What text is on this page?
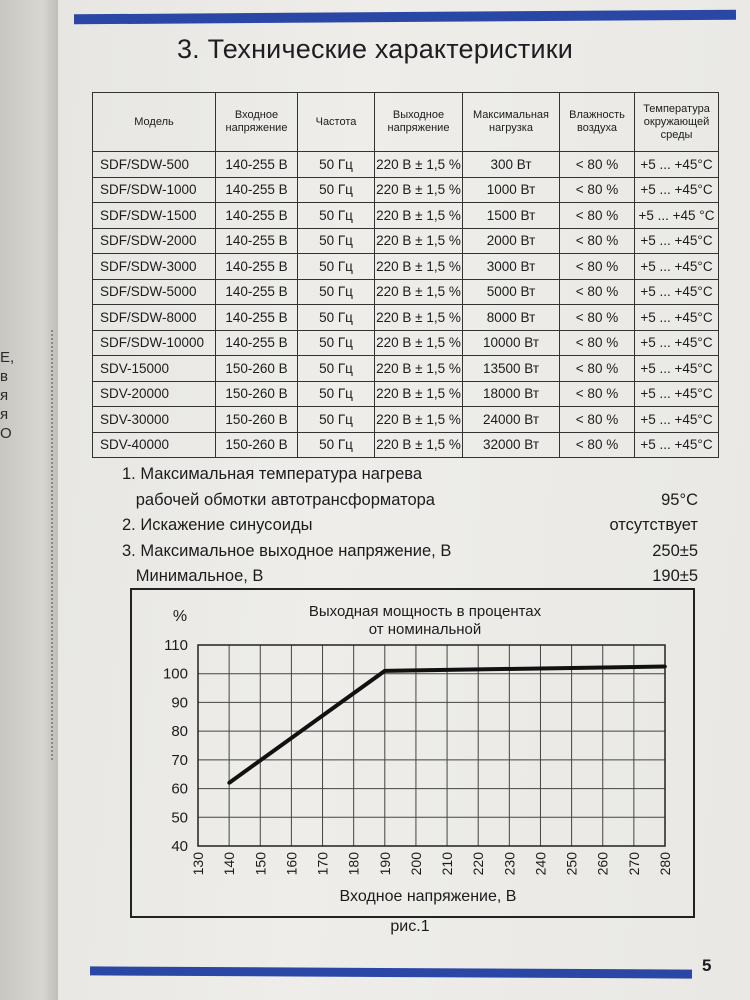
Е,
в
я
я
О
3. Технические характеристики
Модель	Входное напряжение	Частота	Выходное напряжение	Максимальная нагрузка	Влажность воздуха	Температура окружающей среды
SDF/SDW-500	140-255 В	50 Гц	220 В ± 1,5 %	300 Вт	< 80 %	+5 ... +45°С
SDF/SDW-1000	140-255 В	50 Гц	220 В ± 1,5 %	1000 Вт	< 80 %	+5 ... +45°С
SDF/SDW-1500	140-255 В	50 Гц	220 В ± 1,5 %	1500 Вт	< 80 %	+5 ... +45 °С
SDF/SDW-2000	140-255 В	50 Гц	220 В ± 1,5 %	2000 Вт	< 80 %	+5 ... +45°С
SDF/SDW-3000	140-255 В	50 Гц	220 В ± 1,5 %	3000 Вт	< 80 %	+5 ... +45°С
SDF/SDW-5000	140-255 В	50 Гц	220 В ± 1,5 %	5000 Вт	< 80 %	+5 ... +45°С
SDF/SDW-8000	140-255 В	50 Гц	220 В ± 1,5 %	8000 Вт	< 80 %	+5 ... +45°С
SDF/SDW-10000	140-255 В	50 Гц	220 В ± 1,5 %	10000 Вт	< 80 %	+5 ... +45°С
SDV-15000	150-260 В	50 Гц	220 В ± 1,5 %	13500 Вт	< 80 %	+5 ... +45°С
SDV-20000	150-260 В	50 Гц	220 В ± 1,5 %	18000 Вт	< 80 %	+5 ... +45°С
SDV-30000	150-260 В	50 Гц	220 В ± 1,5 %	24000 Вт	< 80 %	+5 ... +45°С
SDV-40000	150-260 В	50 Гц	220 В ± 1,5 %	32000 Вт	< 80 %	+5 ... +45°С
1. Максимальная температура нагрева
рабочей обмотки автотрансформатора	95°С
2. Искажение синусоиды	отсутствует
3. Максимальное выходное напряжение, В	250±5
Минимальное, В	190±5
130 140 150 160 170 180 190 200 210 220 230 240 250 260 270 280
40
50
60
70
80
90
100
110
Выходная мощность в процентах
от номинальной
%
Входное напряжение, В
рис.1
5
